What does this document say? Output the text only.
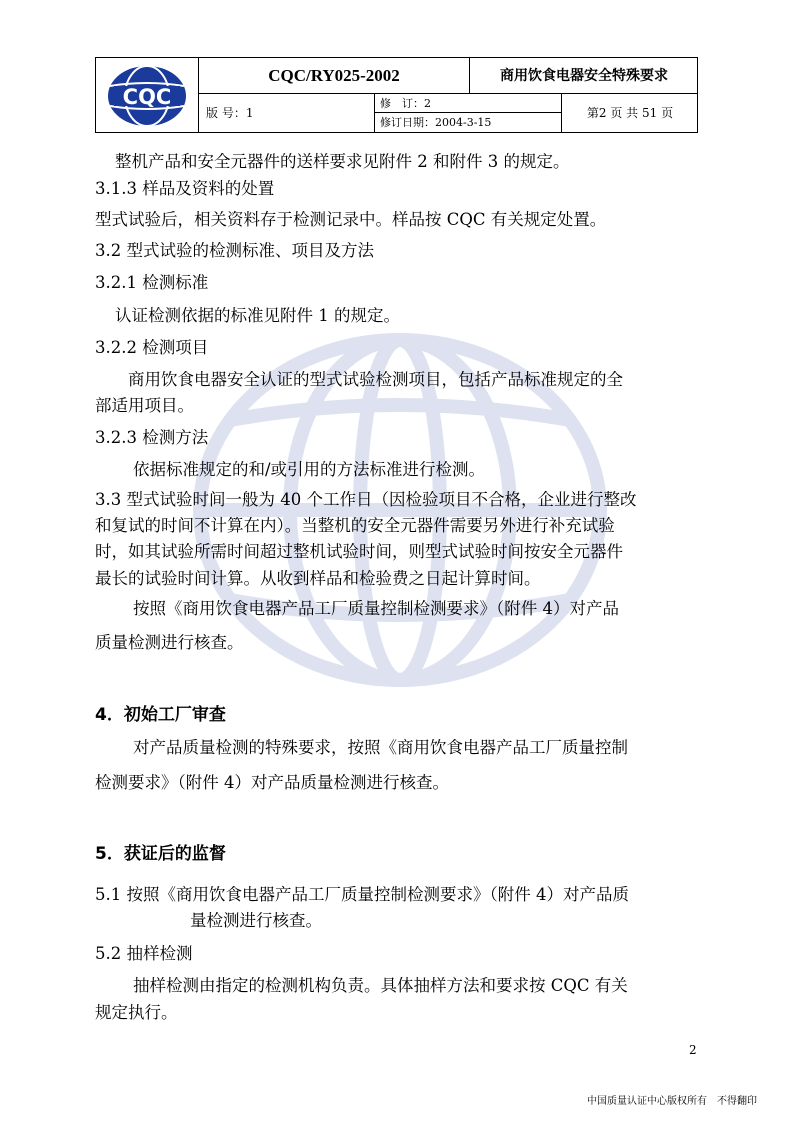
CQC
CQC/RY025-2002	商用饮食电器安全特殊要求
版 号：1
修　订：2
修订日期：2004-3-15
第2 页 共 51 页
整机产品和安全元器件的送样要求见附件 2 和附件 3 的规定。
3.1.3 样品及资料的处置
型式试验后，相关资料存于检测记录中。样品按 CQC 有关规定处置。
3.2 型式试验的检测标准、项目及方法
3.2.1 检测标准
认证检测依据的标准见附件 1 的规定。
3.2.2 检测项目
商用饮食电器安全认证的型式试验检测项目，包括产品标准规定的全
部适用项目。
3.2.3 检测方法
依据标准规定的和/或引用的方法标准进行检测。
3.3 型式试验时间一般为 40 个工作日（因检验项目不合格，企业进行整改
和复试的时间不计算在内）。当整机的安全元器件需要另外进行补充试验
时，如其试验所需时间超过整机试验时间，则型式试验时间按安全元器件
最长的试验时间计算。从收到样品和检验费之日起计算时间。
按照《商用饮食电器产品工厂质量控制检测要求》（附件 4）对产品
质量检测进行核查。
4．初始工厂审查
对产品质量检测的特殊要求，按照《商用饮食电器产品工厂质量控制
检测要求》（附件 4）对产品质量检测进行核查。
5．获证后的监督
5.1 按照《商用饮食电器产品工厂质量控制检测要求》（附件 4）对产品质
量检测进行核查。
5.2 抽样检测
抽样检测由指定的检测机构负责。具体抽样方法和要求按 CQC 有关
规定执行。
2
中国质量认证中心版权所有　不得翻印
